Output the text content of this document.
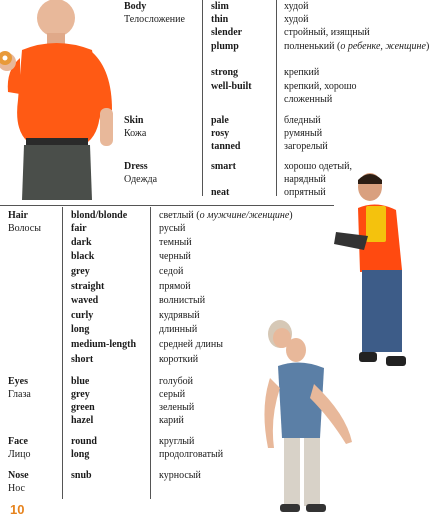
Body
Телосложение
slim	худой
thin	худой
slender	стройный, изящный
plump	полненький (о ребенке, женщине)
strong	крепкий
well-built	крепкий, хорошо
сложенный
Skin
Кожа
pale	бледный
rosy	румяный
tanned	загорелый
Dress
Одежда
smart	хорошо одетый,
нарядный
neat	опрятный
Hair
Волосы
blond/blonde	светлый (о мужчине/женщине)
fair	русый
dark	темный
black	черный
grey	седой
straight	прямой
waved	волнистый
curly	кудрявый
long	длинный
medium-length средней длины
short	короткий
Eyes
Глаза
blue	голубой
grey	серый
green	зеленый
hazel	карий
Face
Лицо
round	круглый
long	продолговатый
Nose
Нос
snub	курносый
10
